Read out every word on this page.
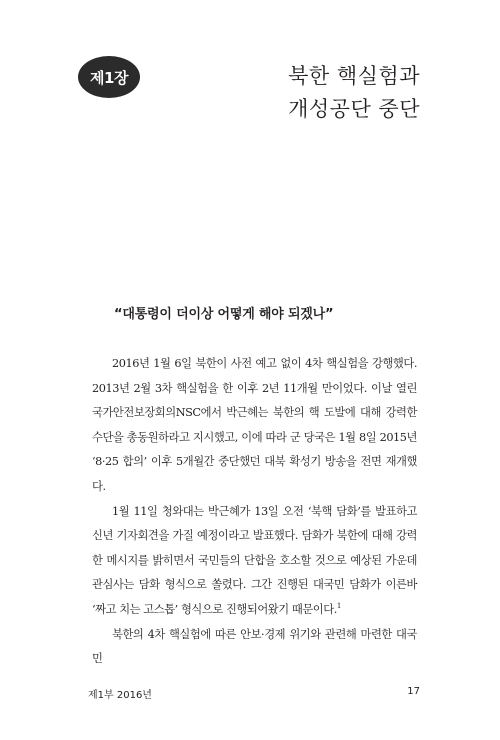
제1장	북한 핵실험과
개성공단 중단
“대통령이 더이상 어떻게 해야 되겠나”

2016년 1월 6일 북한이 사전 예고 없이 4차 핵실험을 강행했다. 2013년 2월 3차 핵실험을 한 이후 2년 11개월 만이었다. 이날 열린 국가안전보장회의NSC에서 박근혜는 북한의 핵 도발에 대해 강력한 수단을 총동원하라고 지시했고, 이에 따라 군 당국은 1월 8일 2015년 ‘8·25 합의’ 이후 5개월간 중단했던 대북 확성기 방송을 전면 재개했다.

1월 11일 청와대는 박근혜가 13일 오전 ‘북핵 담화’를 발표하고 신년 기자회견을 가질 예정이라고 발표했다. 담화가 북한에 대해 강력한 메시지를 밝히면서 국민들의 단합을 호소할 것으로 예상된 가운데 관심사는 담화 형식으로 쏠렸다. 그간 진행된 대국민 담화가 이른바 ‘짜고 치는 고스톱’ 형식으로 진행되어왔기 때문이다.$^1$

북한의 4차 핵실험에 따른 안보·경제 위기와 관련해 마련한 대국민

제1부 2016년	17
